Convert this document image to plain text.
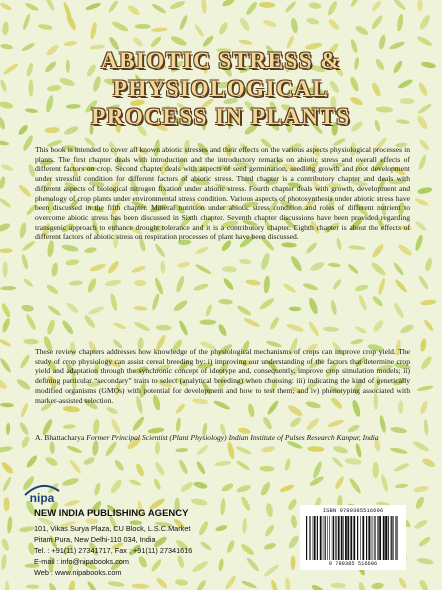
ABIOTIC STRESS &
PHYSIOLOGICAL
PROCESS IN PLANTS

This book is intended to cover all known abiotic stresses and their effects on the various aspects physiological processes in plants. The first chapter deals with introduction and the introductory remarks on abiotic stress and overall effects of different factors on crop. Second chapter deals with aspects of seed germination, seedling growth and root development under stressful condition for different factors of abiotic stress. Third chapter is a contributory chapter and deals with different aspects of biological nitrogen fixation under abiotic stress. Fourth chapter deals with growth, development and phenology of crop plants under environmental stress condition. Various aspects of photosynthesis under abiotic stress have been discussed in the fifth chapter. Mineral nutrition under abiotic stress condition and roles of different nutrient to overcome abiotic stress has been discussed in Sixth chapter. Seventh chapter discussions have been provided regarding transgenic approach to enhance drought tolerance and it is a contributory chapter. Eighth chapter is about the effects of different factors of abiotic stress on respiration processes of plant have been discussed.

These review chapters addresses how knowledge of the physiological mechanisms of crops can improve crop yield. The study of crop physiology can assist cereal breeding by: i) improving our understanding of the factors that determine crop yield and adaptation through the synchronic concept of ideotype and, consequently, improve crop simulation models; ii) defining particular “secondary” traits to select (analytical breeding) when choosing: iii) indicating the kind of genetically modified organisms (GMOs) with potential for development and how to test them; and iv) phenotyping associated with marker-assisted selection.

A. Bhattacharya Former Principal Scientist (Plant Physiology) Indian Institute of Pulses Research Kanpur, India

nipa

NEW INDIA PUBLISHING AGENCY

101, Vikas Surya Plaza, CU Block, L.S.C.Market

Pitam Pura, New Delhi-110 034, India

Tel. : +91(11) 27341717, Fax : +91(11) 27341616

E-mail : info@nipabooks.com

Web : www.nipabooks.com

ISBN 9789385516696

9 789385 516696
